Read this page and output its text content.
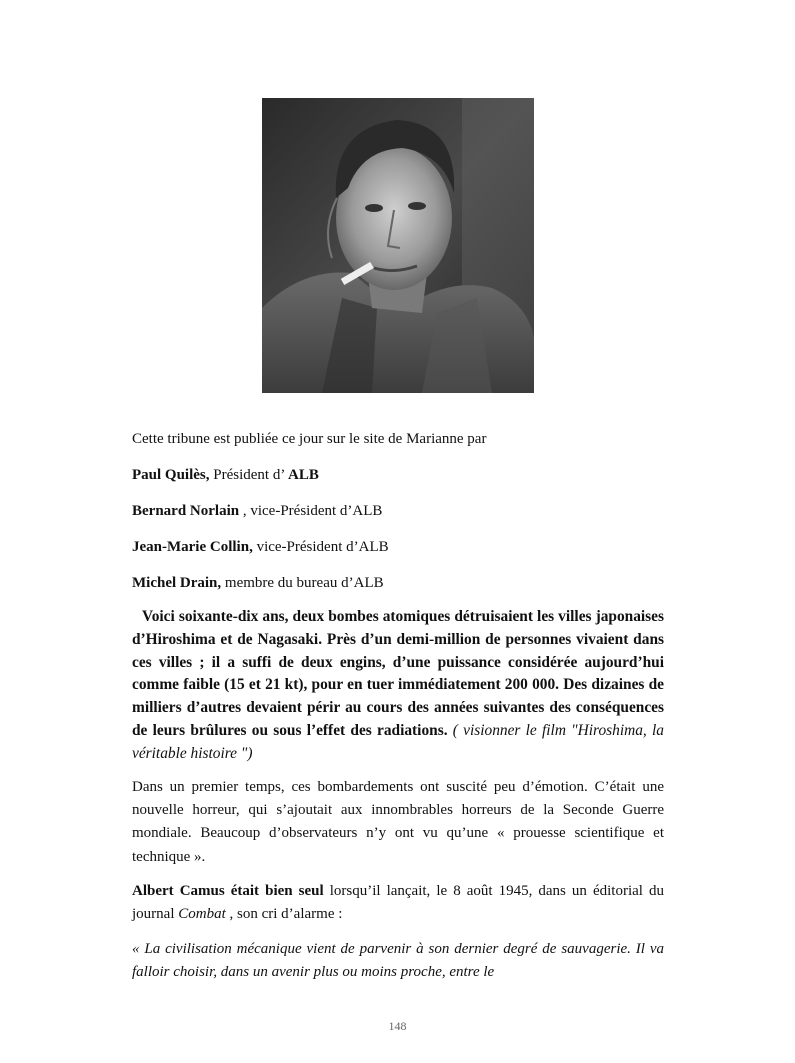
Cette tribune est publiée ce jour sur le site de Marianne par
Paul Quilès, Président d’ ALB
Bernard Norlain , vice-Président d’ALB
Jean-Marie Collin, vice-Président d’ALB
Michel Drain, membre du bureau d’ALB
Voici soixante-dix ans, deux bombes atomiques détruisaient les villes japonaises d’Hiroshima et de Nagasaki. Près d’un demi-million de personnes vivaient dans ces villes ; il a suffi de deux engins, d’une puissance considérée aujourd’hui comme faible (15 et 21 kt), pour en tuer immédiatement 200 000. Des dizaines de milliers d’autres devaient périr au cours des années suivantes des conséquences de leurs brûlures ou sous l’effet des radiations. ( visionner le film "Hiroshima, la véritable histoire ")
Dans un premier temps, ces bombardements ont suscité peu d’émotion. C’était une nouvelle horreur, qui s’ajoutait aux innombrables horreurs de la Seconde Guerre mondiale. Beaucoup d’observateurs n’y ont vu qu’une « prouesse scientifique et technique ».
Albert Camus était bien seul lorsqu’il lançait, le 8 août 1945, dans un éditorial du journal Combat , son cri d’alarme :
« La civilisation mécanique vient de parvenir à son dernier degré de sauvagerie. Il va falloir choisir, dans un avenir plus ou moins proche, entre le
148
